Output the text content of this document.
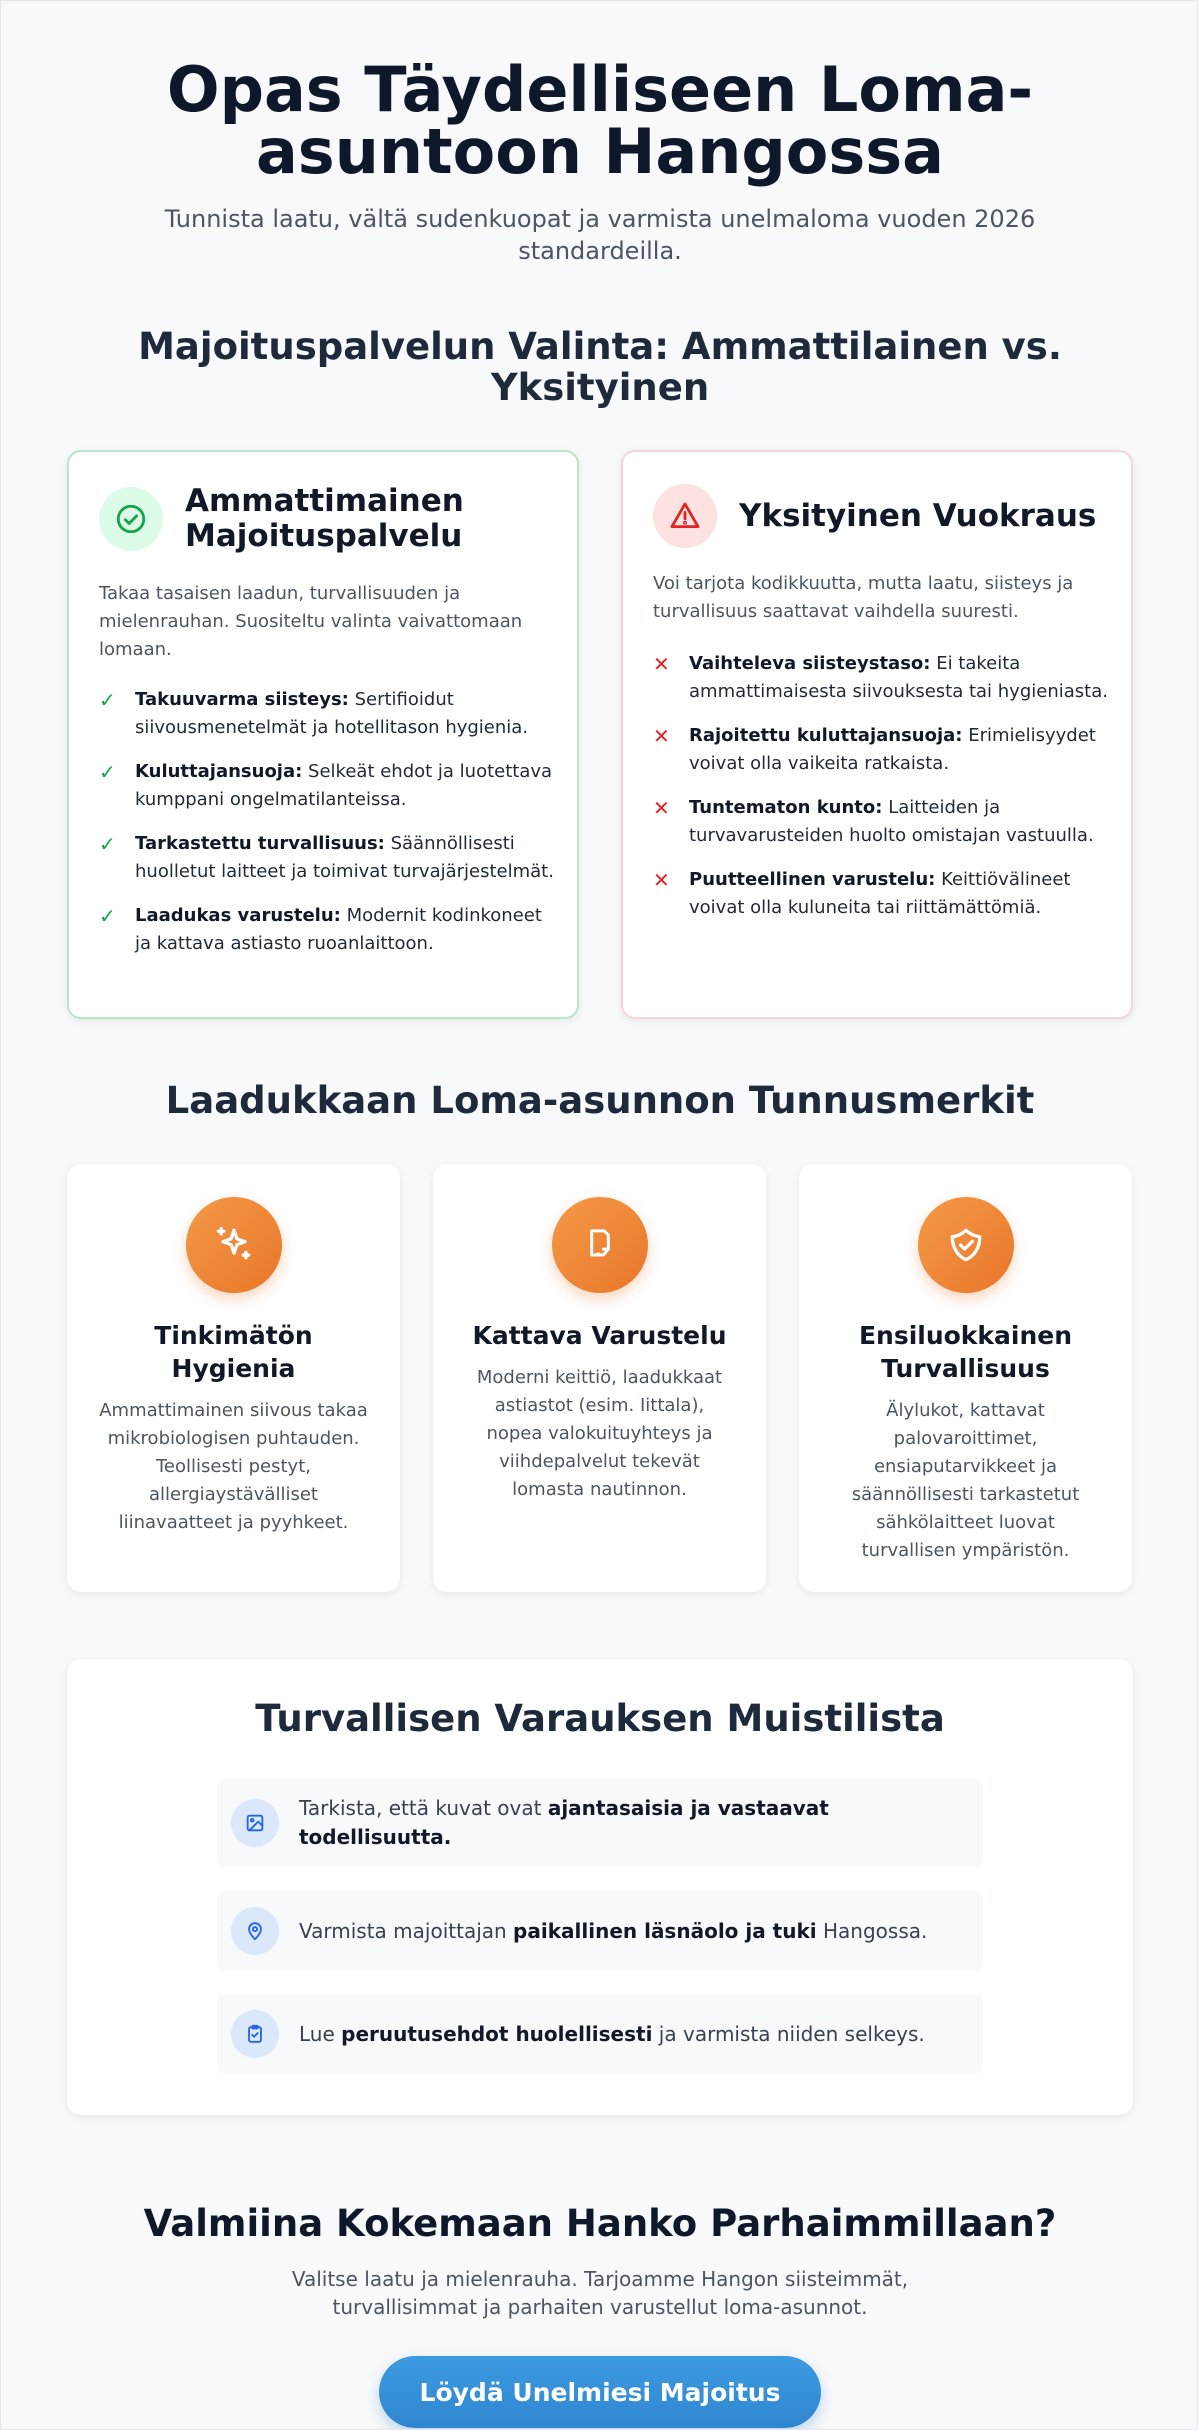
Opas Täydelliseen Loma-asuntoon Hangossa

Tunnista laatu, vältä sudenkuopat ja varmista unelmaloma vuoden 2026 standardeilla.

Majoituspalvelun Valinta: Ammattilainen vs. Yksityinen
Ammattimainen Majoituspalvelu

Takaa tasaisen laadun, turvallisuuden ja mielenrauhan. Suositeltu valinta vaivattomaan lomaan.

✓	Takuuvarma siisteys: Sertifioidut siivousmenetelmät ja hotellitason hygienia.
✓	Kuluttajansuoja: Selkeät ehdot ja luotettava kumppani ongelmatilanteissa.
✓	Tarkastettu turvallisuus: Säännöllisesti huolletut laitteet ja toimivat turvajärjestelmät.
✓	Laadukas varustelu: Modernit kodinkoneet ja kattava astiasto ruoanlaittoon.
Yksityinen Vuokraus

Voi tarjota kodikkuutta, mutta laatu, siisteys ja turvallisuus saattavat vaihdella suuresti.

✕	Vaihteleva siisteystaso: Ei takeita ammattimaisesta siivouksesta tai hygieniasta.
✕	Rajoitettu kuluttajansuoja: Erimielisyydet voivat olla vaikeita ratkaista.
✕	Tuntematon kunto: Laitteiden ja turvavarusteiden huolto omistajan vastuulla.
✕	Puutteellinen varustelu: Keittiövälineet voivat olla kuluneita tai riittämättömiä.
Laadukkaan Loma-asunnon Tunnusmerkit
Tinkimätön Hygienia

Ammattimainen siivous takaa mikrobiologisen puhtauden. Teollisesti pestyt, allergiaystävälliset liinavaatteet ja pyyhkeet.

Kattava Varustelu

Moderni keittiö, laadukkaat astiastot (esim. Iittala), nopea valokuituyhteys ja viihdepalvelut tekevät lomasta nautinnon.

Ensiluokkainen Turvallisuus

Älylukot, kattavat palovaroittimet, ensiaputarvikkeet ja säännöllisesti tarkastetut sähkölaitteet luovat turvallisen ympäristön.

Turvallisen Varauksen Muistilista
Tarkista, että kuvat ovat ajantasaisia ja vastaavat todellisuutta.
Varmista majoittajan paikallinen läsnäolo ja tuki Hangossa.
Lue peruutusehdot huolellisesti ja varmista niiden selkeys.
Valmiina Kokemaan Hanko Parhaimmillaan?

Valitse laatu ja mielenrauha. Tarjoamme Hangon siisteimmät, turvallisimmat ja parhaiten varustellut loma-asunnot.

Löydä Unelmiesi Majoitus
